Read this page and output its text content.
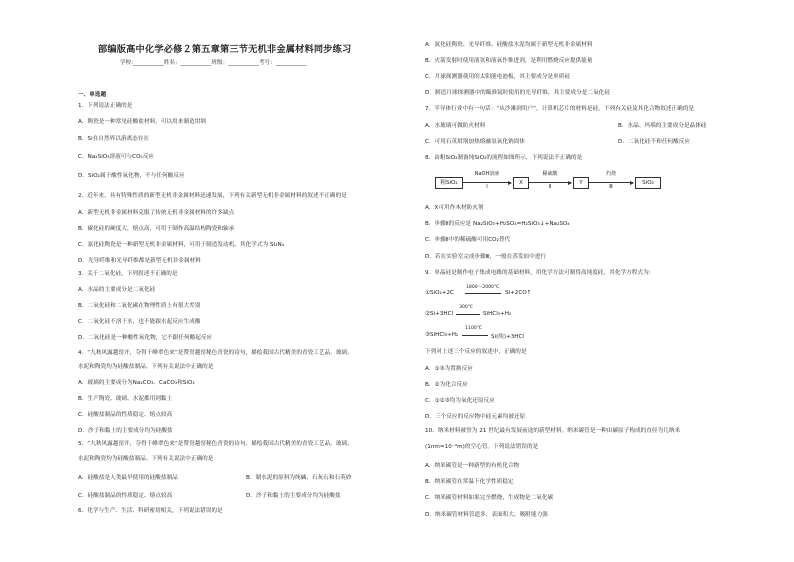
部编版高中化学必修２第五章第三节无机非金属材料同步练习
学校:___________姓名：___________班级：___________考号：___________
一、单选题
1．下列说法正确的是
A．陶瓷是一种常见硅酸盐材料，可以用来制造坩埚
B．Si在自然界以游离态存在
C．Na₂SiO₃溶液可与CO₂反应
D．SiO₂属于酸性氧化物，不与任何酸反应
2．近年来，具有特殊性质的新型无机非金属材料迅速发展，下列有关新型无机非金属材料的叙述不正确的是
A．新型无机非金属材料克服了传统无机非金属材料的许多缺点
B．碳化硅的硬度大，熔点高，可用于制作高温结构陶瓷和轴承
C．氮化硅陶瓷是一种新型无机非金属材料，可用于制造发动机，其化学式为 Si₃N₄
D．光导纤维和光导纤维都是新型无机非金属材料
3．关于二氧化硅，下列叙述不正确的是
A．水晶的主要成分是二氧化硅
B．二氧化硅和二氧化碳在物理性质上有很大差别
C．二氧化硅不溶于水，也不能跟水起反应生成酸
D．二氧化硅是一种酸性氧化物，它不跟任何酸起反应
4．“九秋风露越窑开，夺得千峰翠色来”是赞誉越窑秘色青瓷的诗句，描绘我国古代精美的青瓷工艺品。玻璃、
水泥和陶瓷均为硅酸盐制品。下列有关说法中正确的是
A．玻璃的主要成分为Na₂CO₃、CaCO₃和SiO₂
B．生产陶瓷、玻璃、水泥都用到黏土
C．硅酸盐制品的性质稳定、熔点较高
D．沙子和黏土的主要成分均为硅酸盐
5．“九秋风露越窑开，夺得千峰翠色来”是赞誉越窑秘色青瓷的诗句，描绘我国古代精美的青瓷工艺品。玻璃、
水泥和陶瓷均为硅酸盐制品。下列有关说法中正确的是
A．硅酸盐是人类最早使用的硅酸盐制品	B．制水泥的原料为纯碱、石灰石和石英砂
C．硅酸盐制品的性质稳定、熔点较高	D．沙子和黏土的主要成分均为硅酸盐
6．化学与生产、生活、科研密切相关。下列说法错误的是
A．氮化硅陶瓷、光导纤维、硅酸盐水泥均属于新型无机非金属材料
B．火箭发射时使用液氢和液氧作推进剂，是利用燃烧反应提供能量
C．月球探测器使用的太阳能电池板，其主要成分是单质硅
D．制造月球探测器中的瞄准镜时使用的光导纤维，其主要成分是二氧化硅
7．半导体行业中有一句话：“从沙滩到用户”，计算机芯片的材料是硅，下列有关硅及其化合物叙述正确的是
A．水玻璃可做防火材料	B．水晶、玛瑙的主要成分是晶体硅
C．可用石英坩埚加热熔融氢氧化钠固体	D．二氧化硅不和任何酸反应
8．由粗SiO₂制备纯SiO₂的流程如图所示，下列说法不正确的是
粗SiO₂
NaOH溶液
Ⅰ
X
稀硫酸
Ⅱ
Y
灼烧
Ⅲ
SiO₂
A．X可用作木材防火剂
B．步骤Ⅱ的反应是 Na₂SiO₃+H₂SO₄=H₂SiO₃↓+Na₂SO₄
C．步骤Ⅱ中的稀硫酸可用CO₂替代
D．若在实验室完成步骤Ⅲ，一般在蒸发皿中进行
9．单晶硅是制作电子集成电路的基础材料，用化学方法可制得高纯度硅，其化学方程式为:
①SiO₂+2C
1800～2000℃
Si+2CO↑
②Si+3HCl
300℃
SiHCl₃+H₂
③SiHCl₃+H₂
1100℃
Si(纯)+3HCl
下列对上述三个反应的叙述中，正确的是
A．①③为置换反应
B．②为化合反应
C．①②③均为氧化还原反应
D．三个反应的反应物中硅元素均被还原
10．纳米材料被誉为 21 世纪最有发展前途的新型材料。纳米碳管是一种由碳原子构成的直径为几纳米
(1nm=10⁻⁹m)的空心管。下列说法错误的是
A．纳米碳管是一种新型的有机化合物
B．纳米碳管在常温下化学性质稳定
C．纳米碳管材料如果完全燃烧，生成物是二氧化碳
D．纳米碳管材料管道多，表面积大，吸附能力强
